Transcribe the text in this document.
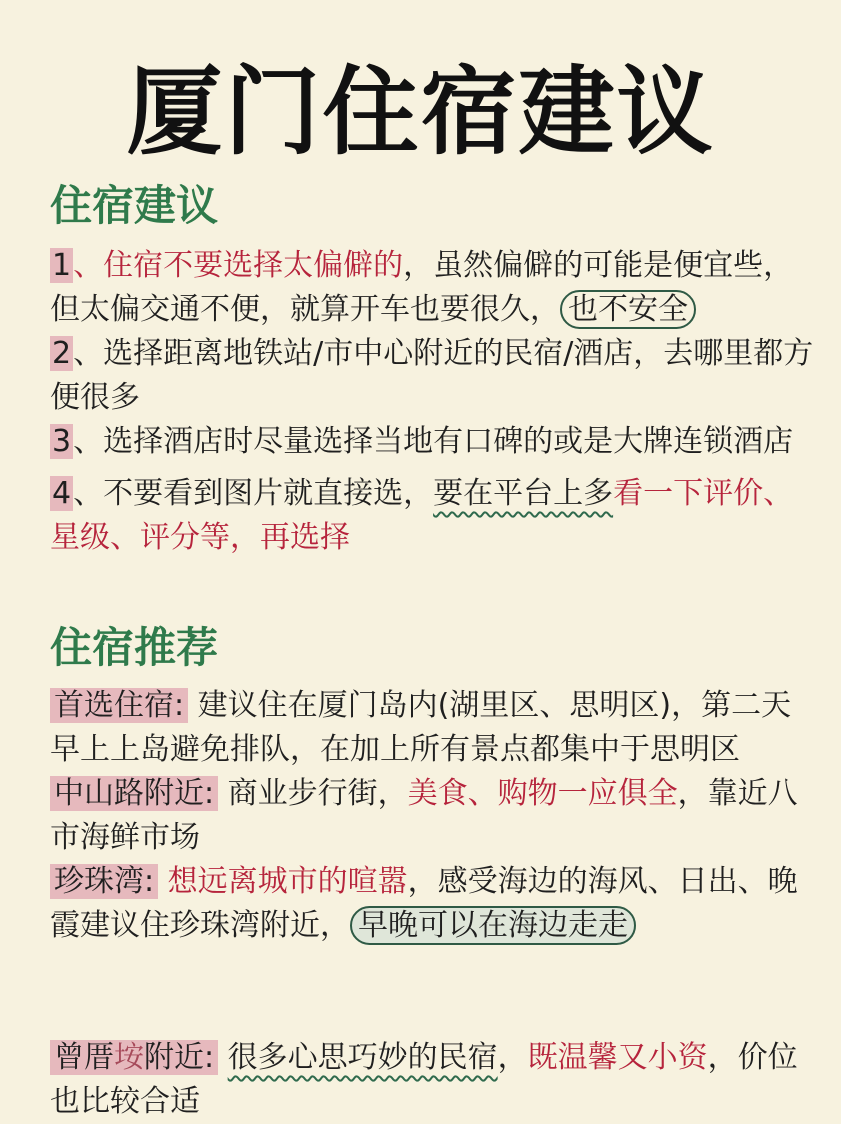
厦门住宿建议
住宿建议
1、住宿不要选择太偏僻的，虽然偏僻的可能是便宜些，但太偏交通不便，就算开车也要很久， 也不安全
2、选择距离地铁站/市中心附近的民宿/酒店，去哪里都方便很多
3、选择酒店时尽量选择当地有口碑的或是大牌连锁酒店
4、不要看到图片就直接选，要在平台上多看一下评价、星级、评分等，再选择
住宿推荐
首选住宿: 建议住在厦门岛内(湖里区、思明区)，第二天早上上岛避免排队，在加上所有景点都集中于思明区
中山路附近: 商业步行街，美食、购物一应俱全，靠近八市海鲜市场
珍珠湾: 想远离城市的喧嚣，感受海边的海风、日出、晚霞建议住珍珠湾附近， 早晚可以在海边走走
曾厝垵附近: 很多心思巧妙的民宿，既温馨又小资，价位也比较合适
